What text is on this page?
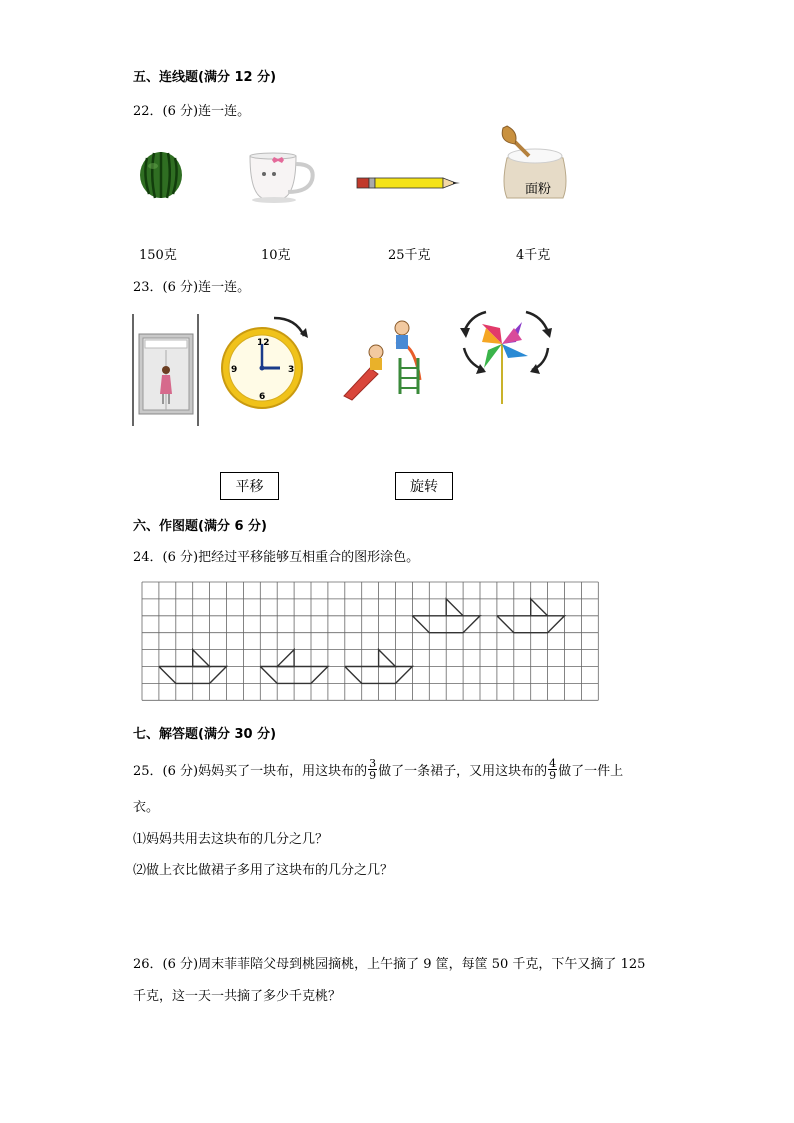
五、连线题(满分 12 分)
22．(6 分)连一连。
面粉
150克	10克	25千克	4千克
23．(6 分)连一连。
12
3
6
9
平移	旋转
六、作图题(满分 6 分)
24．(6 分)把经过平移能够互相重合的图形涂色。
七、解答题(满分 30 分)
25．(6 分)妈妈买了一块布，用这块布的 $\frac{3}{9}$ 做了一条裙子，又用这块布的 $\frac{4}{9}$ 做了一件上
衣。
⑴妈妈共用去这块布的几分之几？
⑵做上衣比做裙子多用了这块布的几分之几？
26．(6 分)周末菲菲陪父母到桃园摘桃，上午摘了 9 筐，每筐 50 千克，下午又摘了 125
千克，这一天一共摘了多少千克桃？
